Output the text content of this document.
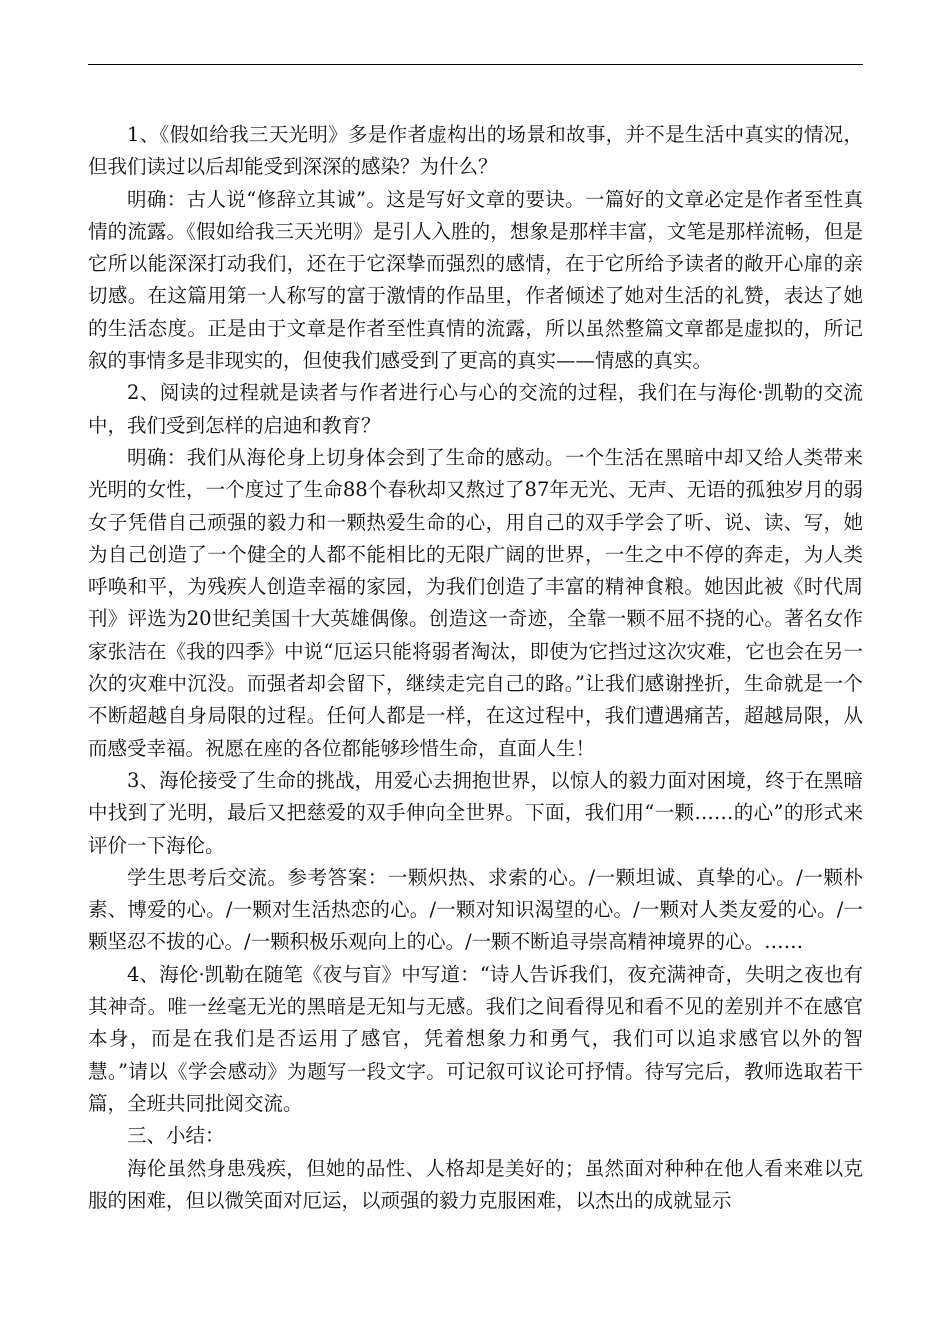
1、《假如给我三天光明》多是作者虚构出的场景和故事，并不是生活中真实的情况，但我们读过以后却能受到深深的感染？为什么？

明确：古人说“修辞立其诚”。这是写好文章的要诀。一篇好的文章必定是作者至性真情的流露。《假如给我三天光明》是引人入胜的，想象是那样丰富，文笔是那样流畅，但是它所以能深深打动我们，还在于它深挚而强烈的感情，在于它所给予读者的敞开心扉的亲切感。在这篇用第一人称写的富于激情的作品里，作者倾述了她对生活的礼赞，表达了她的生活态度。正是由于文章是作者至性真情的流露，所以虽然整篇文章都是虚拟的，所记叙的事情多是非现实的，但使我们感受到了更高的真实——情感的真实。

2、阅读的过程就是读者与作者进行心与心的交流的过程，我们在与海伦·凯勒的交流中，我们受到怎样的启迪和教育？

明确：我们从海伦身上切身体会到了生命的感动。一个生活在黑暗中却又给人类带来光明的女性，一个度过了生命88个春秋却又熬过了87年无光、无声、无语的孤独岁月的弱女子凭借自己顽强的毅力和一颗热爱生命的心，用自己的双手学会了听、说、读、写，她为自己创造了一个健全的人都不能相比的无限广阔的世界，一生之中不停的奔走，为人类呼唤和平，为残疾人创造幸福的家园，为我们创造了丰富的精神食粮。她因此被《时代周刊》评选为20世纪美国十大英雄偶像。创造这一奇迹，全靠一颗不屈不挠的心。著名女作家张洁在《我的四季》中说“厄运只能将弱者淘汰，即使为它挡过这次灾难，它也会在另一次的灾难中沉没。而强者却会留下，继续走完自己的路。”让我们感谢挫折，生命就是一个不断超越自身局限的过程。任何人都是一样，在这过程中，我们遭遇痛苦，超越局限，从而感受幸福。祝愿在座的各位都能够珍惜生命，直面人生！

3、海伦接受了生命的挑战，用爱心去拥抱世界，以惊人的毅力面对困境，终于在黑暗中找到了光明，最后又把慈爱的双手伸向全世界。下面，我们用“一颗……的心”的形式来评价一下海伦。

学生思考后交流。参考答案：一颗炽热、求索的心。/一颗坦诚、真挚的心。/一颗朴素、博爱的心。/一颗对生活热恋的心。/一颗对知识渴望的心。/一颗对人类友爱的心。/一颗坚忍不拔的心。/一颗积极乐观向上的心。/一颗不断追寻崇高精神境界的心。……

4、海伦·凯勒在随笔《夜与盲》中写道：“诗人告诉我们，夜充满神奇，失明之夜也有其神奇。唯一丝毫无光的黑暗是无知与无感。我们之间看得见和看不见的差别并不在感官本身，而是在我们是否运用了感官，凭着想象力和勇气，我们可以追求感官以外的智慧。”请以《学会感动》为题写一段文字。可记叙可议论可抒情。待写完后，教师选取若干篇，全班共同批阅交流。

三、小结：

海伦虽然身患残疾，但她的品性、人格却是美好的；虽然面对种种在他人看来难以克服的困难，但以微笑面对厄运，以顽强的毅力克服困难，以杰出的成就显示
